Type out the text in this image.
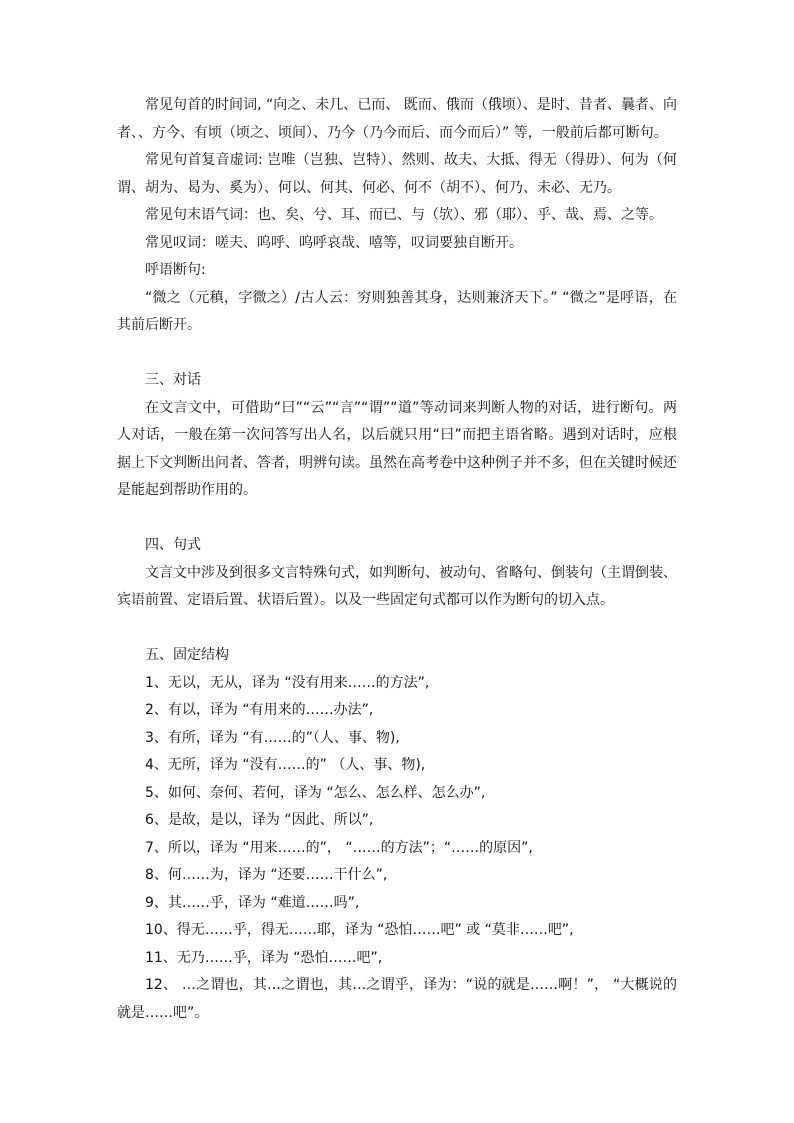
常见句首的时间词, “向之、未几、已而、 既而、俄而（俄顷）、是时、昔者、曩者、向者、、方今、有顷（顷之、顷间）、乃今（乃今而后、而今而后）” 等，一般前后都可断句。

常见句首复音虚词: 岂唯（岂独、岂特）、然则、故夫、大抵、得无（得毋）、何为（何谓、胡为、曷为、奚为）、何以、何其、何必、何不（胡不）、何乃、未必、无乃。

常见句末语气词：也、矣、兮、耳、而已、与（欤）、邪（耶）、乎、哉、焉、之等。

常见叹词：嗟夫、呜呼、呜呼哀哉、嘻等，叹词要独自断开。

呼语断句:

“微之（元稹，字微之）/古人云：穷则独善其身，达则兼济天下。” “微之”是呼语，在其前后断开。

三、对话

在文言文中，可借助“曰”“云”“言”“谓”“道”等动词来判断人物的对话，进行断句。两人对话，一般在第一次问答写出人名，以后就只用“曰”而把主语省略。遇到对话时，应根据上下文判断出问者、答者，明辨句读。虽然在高考卷中这种例子并不多，但在关键时候还是能起到帮助作用的。

四、句式

文言文中涉及到很多文言特殊句式，如判断句、被动句、省略句、倒装句（主谓倒装、宾语前置、定语后置、状语后置）。以及一些固定句式都可以作为断句的切入点。

五、固定结构

1、无以，无从，译为 “没有用来……的方法”,

2、有以，译为 “有用来的……办法”,

3、有所，译为 “有……的”（人、事、物),

4、无所，译为 “没有……的” （人、事、物),

5、如何、奈何、若何，译为 “怎么、怎么样、怎么办”,

6、是故，是以，译为 “因此、所以”,

7、所以，译为 “用来……的”， “……的方法”；“……的原因”,

8、何……为，译为 “还要……干什么”,

9、其……乎，译为 “难道……吗”,

10、得无……乎，得无……耶，译为 “恐怕……吧” 或 “莫非……吧”,

11、无乃……乎，译为 “恐怕……吧”,

12、 …之谓也，其…之谓也，其…之谓乎，译为：“说的就是……啊！”， “大概说的就是……吧”。
